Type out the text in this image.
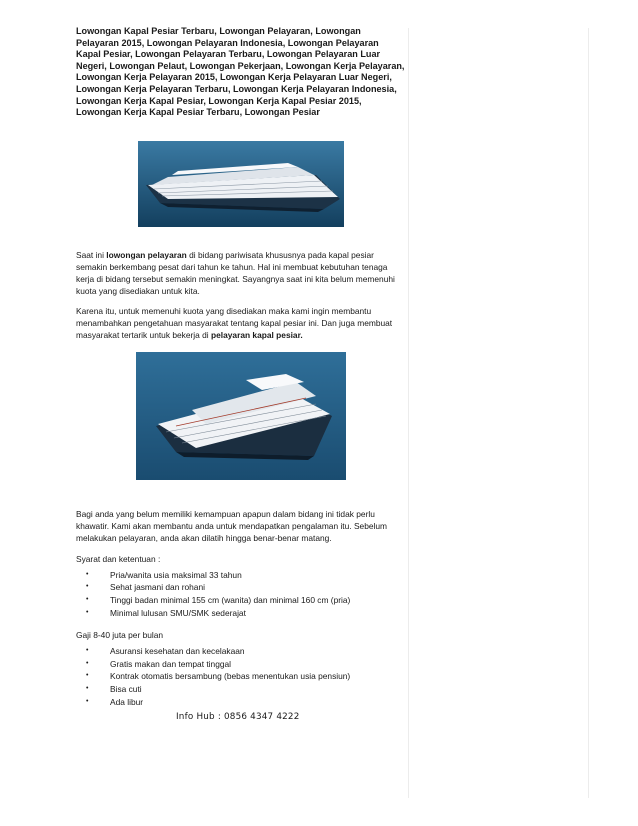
Lowongan Kapal Pesiar Terbaru, Lowongan Pelayaran, Lowongan Pelayaran 2015, Lowongan Pelayaran Indonesia, Lowongan Pelayaran Kapal Pesiar, Lowongan Pelayaran Terbaru, Lowongan Pelayaran Luar Negeri, Lowongan Pelaut, Lowongan Pekerjaan, Lowongan Kerja Pelayaran, Lowongan Kerja Pelayaran 2015, Lowongan Kerja Pelayaran Luar Negeri, Lowongan Kerja Pelayaran Terbaru, Lowongan Kerja Pelayaran Indonesia, Lowongan Kerja Kapal Pesiar, Lowongan Kerja Kapal Pesiar 2015, Lowongan Kerja Kapal Pesiar Terbaru, Lowongan Pesiar

Saat ini lowongan pelayaran di bidang pariwisata khususnya pada kapal pesiar semakin berkembang pesat dari tahun ke tahun. Hal ini membuat kebutuhan tenaga kerja di bidang tersebut semakin meningkat. Sayangnya saat ini kita belum memenuhi kuota yang disediakan untuk kita.

Karena itu, untuk memenuhi kuota yang disediakan maka kami ingin membantu menambahkan pengetahuan masyarakat tentang kapal pesiar ini. Dan juga membuat masyarakat tertarik untuk bekerja di pelayaran kapal pesiar.

Bagi anda yang belum memiliki kemampuan apapun dalam bidang ini tidak perlu khawatir. Kami akan membantu anda untuk mendapatkan pengalaman itu. Sebelum melakukan pelayaran, anda akan dilatih hingga benar-benar matang.

Syarat dan ketentuan :

• Pria/wanita usia maksimal 33 tahun
• Sehat jasmani dan rohani
• Tinggi badan minimal 155 cm (wanita) dan minimal 160 cm (pria)
• Minimal lulusan SMU/SMK sederajat

Gaji 8-40 juta per bulan

• Asuransi kesehatan dan kecelakaan
• Gratis makan dan tempat tinggal
• Kontrak otomatis bersambung (bebas menentukan usia pensiun)
• Bisa cuti
• Ada libur

Info Hub : 0856 4347 4222
